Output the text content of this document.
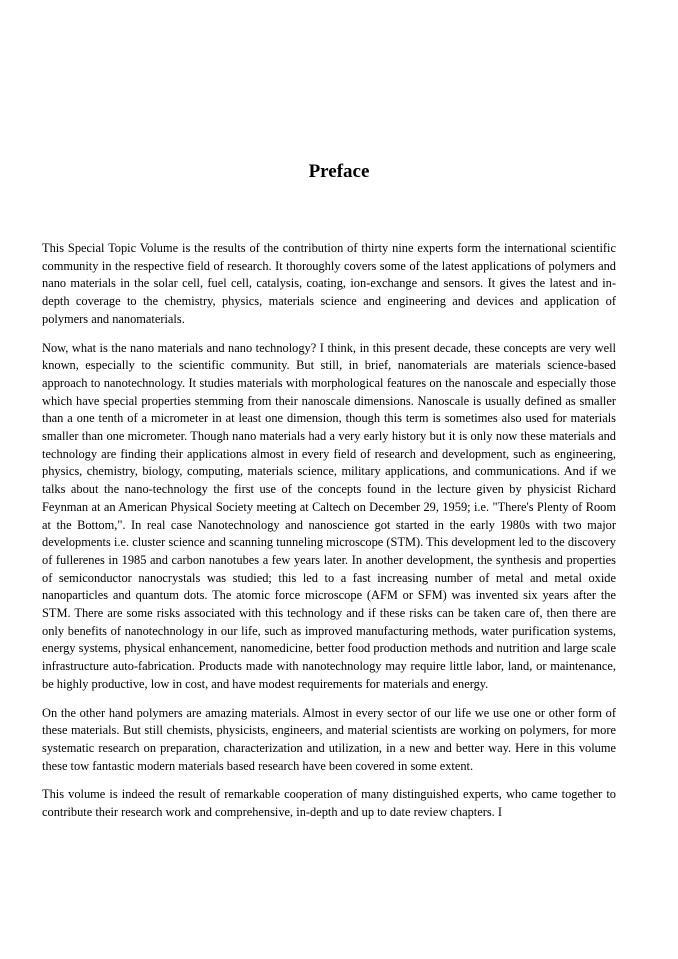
Preface

This Special Topic Volume is the results of the contribution of thirty nine experts form the international scientific community in the respective field of research. It thoroughly covers some of the latest applications of polymers and nano materials in the solar cell, fuel cell, catalysis, coating, ion-exchange and sensors. It gives the latest and in-depth coverage to the chemistry, physics, materials science and engineering and devices and application of polymers and nanomaterials.

Now, what is the nano materials and nano technology? I think, in this present decade, these concepts are very well known, especially to the scientific community. But still, in brief, nanomaterials are materials science-based approach to nanotechnology. It studies materials with morphological features on the nanoscale and especially those which have special properties stemming from their nanoscale dimensions. Nanoscale is usually defined as smaller than a one tenth of a micrometer in at least one dimension, though this term is sometimes also used for materials smaller than one micrometer. Though nano materials had a very early history but it is only now these materials and technology are finding their applications almost in every field of research and development, such as engineering, physics, chemistry, biology, computing, materials science, military applications, and communications. And if we talks about the nano-technology the first use of the concepts found in the lecture given by physicist Richard Feynman at an American Physical Society meeting at Caltech on December 29, 1959; i.e. "There's Plenty of Room at the Bottom,". In real case Nanotechnology and nanoscience got started in the early 1980s with two major developments i.e. cluster science and scanning tunneling microscope (STM). This development led to the discovery of fullerenes in 1985 and carbon nanotubes a few years later. In another development, the synthesis and properties of semiconductor nanocrystals was studied; this led to a fast increasing number of metal and metal oxide nanoparticles and quantum dots. The atomic force microscope (AFM or SFM) was invented six years after the STM. There are some risks associated with this technology and if these risks can be taken care of, then there are only benefits of nanotechnology in our life, such as improved manufacturing methods, water purification systems, energy systems, physical enhancement, nanomedicine, better food production methods and nutrition and large scale infrastructure auto-fabrication. Products made with nanotechnology may require little labor, land, or maintenance, be highly productive, low in cost, and have modest requirements for materials and energy.

On the other hand polymers are amazing materials. Almost in every sector of our life we use one or other form of these materials. But still chemists, physicists, engineers, and material scientists are working on polymers, for more systematic research on preparation, characterization and utilization, in a new and better way. Here in this volume these tow fantastic modern materials based research have been covered in some extent.

This volume is indeed the result of remarkable cooperation of many distinguished experts, who came together to contribute their research work and comprehensive, in-depth and up to date review chapters. I
